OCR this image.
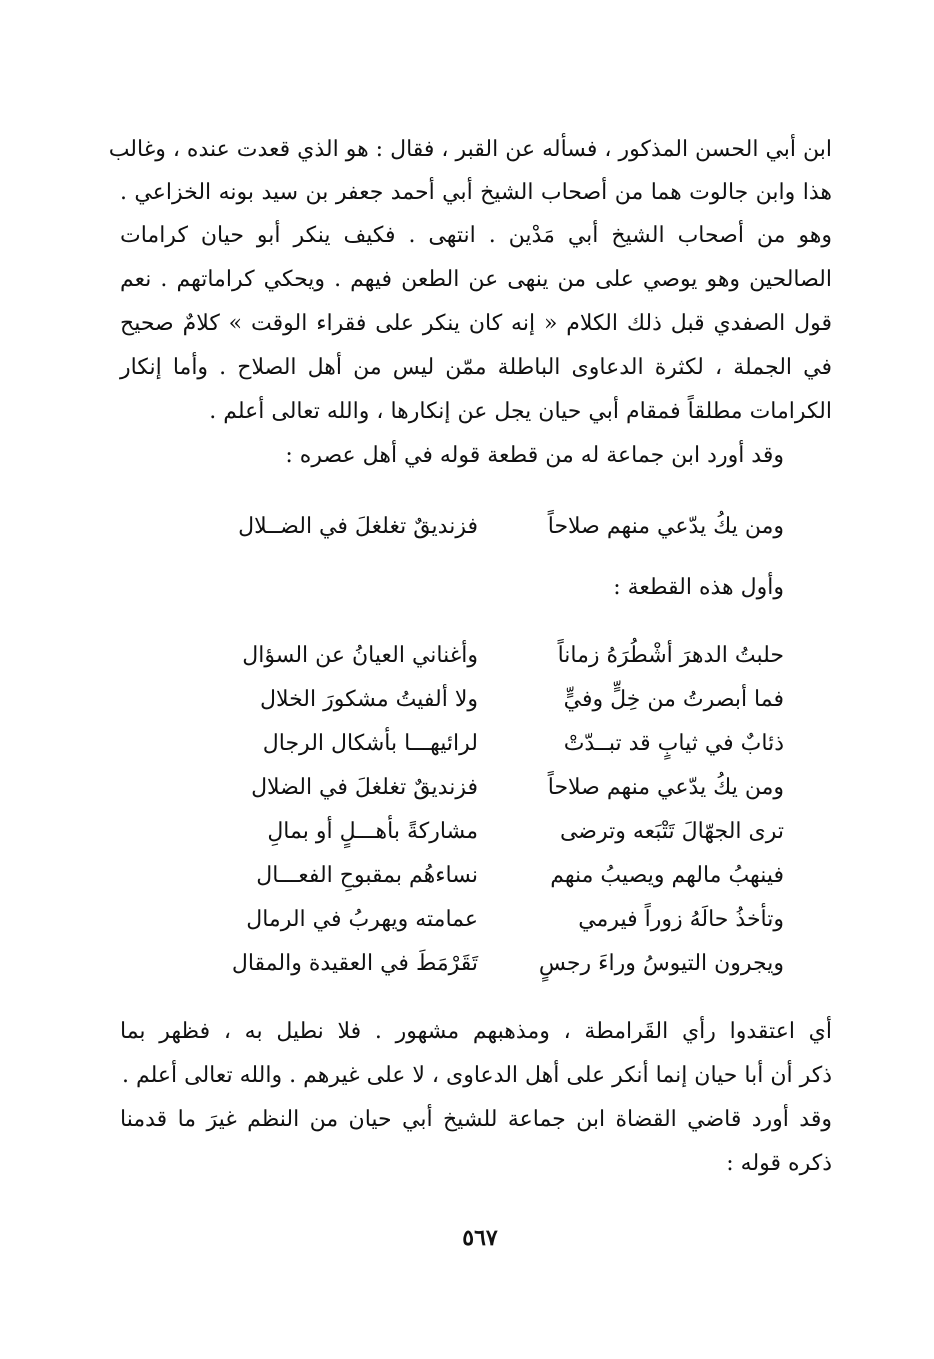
ابن أبي الحسن المذكور ، فسأله عن القبر ، فقال : هو الذي قعدت عنده ، وغالب
هذا وابن جالوت هما من أصحاب الشيخ أبي أحمد جعفر بن سيد بونه الخزاعي .
وهو من أصحاب الشيخ أبي مَدْين . انتهى . فكيف ينكر أبو حيان كرامات
الصالحين وهو يوصي على من ينهى عن الطعن فيهم . ويحكي كراماتهم . نعم
قول الصفدي قبل ذلك الكلام « إنه كان ينكر على فقراء الوقت » كلامٌ صحيح
في الجملة ، لكثرة الدعاوى الباطلة ممّن ليس من أهل الصلاح . وأما إنكار
الكرامات مطلقاً فمقام أبي حيان يجل عن إنكارها ، والله تعالى أعلم .
وقد أورد ابن جماعة له من قطعة قوله في أهل عصره :
ومن يكُ يدّعي منهم صلاحاً
فزنديقٌ تغلغلَ في الضــلال
وأول هذه القطعة :
حلبتُ الدهرَ أشْطُرَهُ زماناً
وأغناني العيانُ عن السؤال
فما أبصرتُ من خِلٍّ وفيٍّ
ولا ألفيتُ مشكورَ الخلال
ذئابٌ في ثيابٍ قد تبــدّتْ
لرائيهـــا بأشكال الرجال
ومن يكُ يدّعي منهم صلاحاً
فزنديقٌ تغلغلَ في الضلال
ترى الجهّالَ تَتْبَعه وترضى
مشاركةً بأهـــلٍ أو بمالِ
فينهبُ مالهم ويصيبُ منهم
نساءهُم بمقبوحِ الفعـــال
وتأخذُ حالَهُ زوراً فيرمي
عمامته ويهربُ في الرمال
ويجرون التيوسُ وراءَ رجسٍ
تَقَرْمَطَ في العقيدة والمقال
أي اعتقدوا رأي القَرامطة ، ومذهبهم مشهور . فلا نطيل به ، فظهر بما
ذكر أن أبا حيان إنما أنكر على أهل الدعاوى ، لا على غيرهم . والله تعالى أعلم .
وقد أورد قاضي القضاة ابن جماعة للشيخ أبي حيان من النظم غيرَ ما قدمنا
ذكره قوله :
٥٦٧
